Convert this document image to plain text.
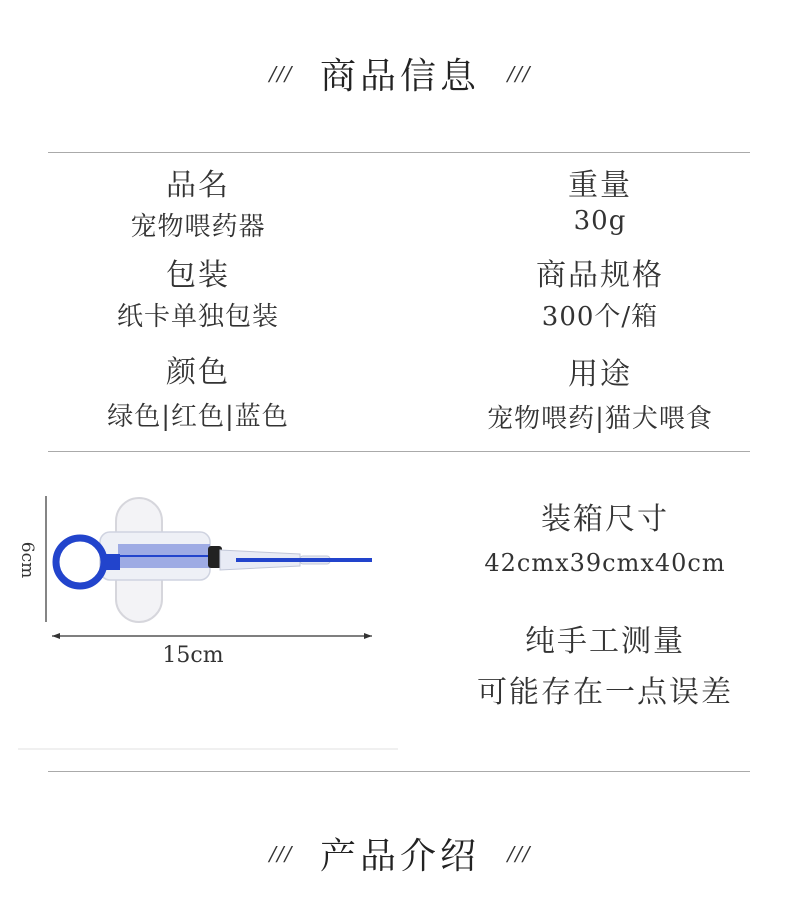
/// 商品信息 ///
品名
宠物喂药器
重量
30g
包装
纸卡单独包装
商品规格
300个/箱
颜色
绿色|红色|蓝色
用途
宠物喂药|猫犬喂食
6cm
15cm
装箱尺寸
42cmx39cmx40cm
纯手工测量
可能存在一点误差
/// 产品介绍 ///
